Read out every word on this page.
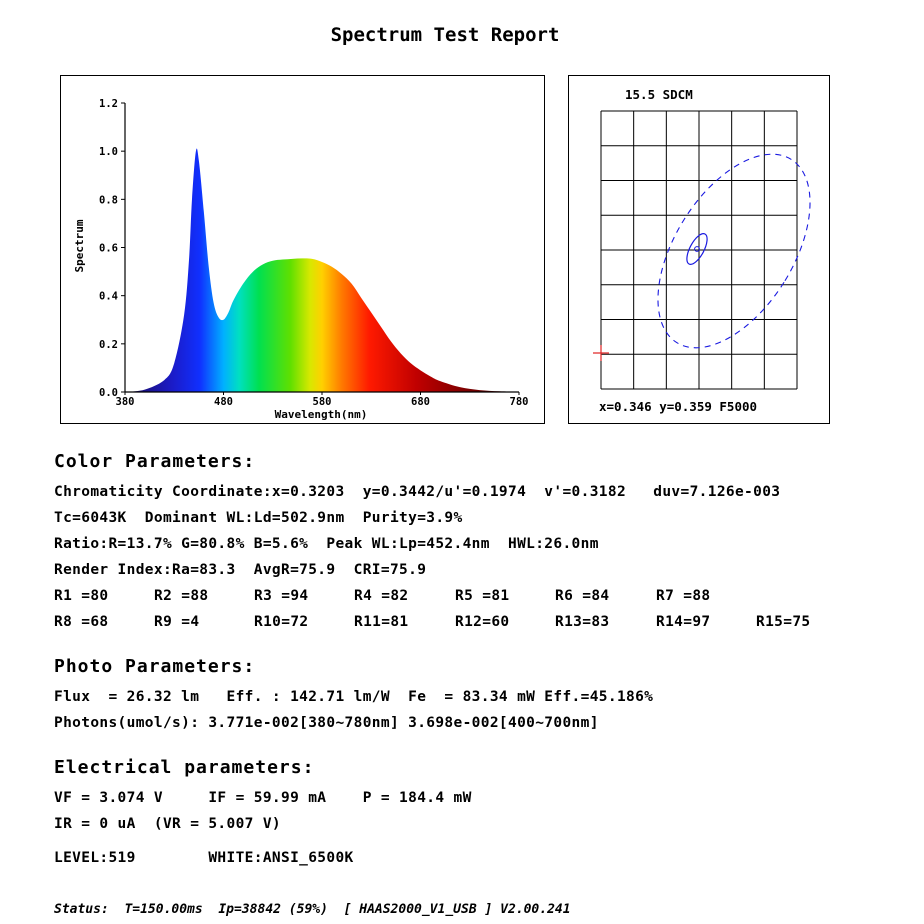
Spectrum Test Report
0.0
0.2
0.4
0.6
0.8
1.0
1.2
380	480	580	680	780
Wavelength(nm)
Spectrum
15.5 SDCM
x=0.346 y=0.359 F5000
Color Parameters:
Chromaticity Coordinate:x=0.3203  y=0.3442/u'=0.1974  v'=0.3182   duv=7.126e-003
Tc=6043K  Dominant WL:Ld=502.9nm  Purity=3.9%
Ratio:R=13.7% G=80.8% B=5.6%  Peak WL:Lp=452.4nm  HWL:26.0nm
Render Index:Ra=83.3  AvgR=75.9  CRI=75.9
R1 =80	R2 =88	R3 =94	R4 =82	R5 =81	R6 =84	R7 =88
R8 =68	R9 =4	R10=72	R11=81	R12=60	R13=83	R14=97	R15=75
Photo Parameters:
Flux  = 26.32 lm   Eff. : 142.71 lm/W  Fe  = 83.34 mW Eff.=45.186%
Photons(umol/s): 3.771e-002[380~780nm] 3.698e-002[400~700nm]
Electrical parameters:
VF = 3.074 V     IF = 59.99 mA    P = 184.4 mW
IR = 0 uA  (VR = 5.007 V)
LEVEL:519        WHITE:ANSI_6500K
Status:  T=150.00ms  Ip=38842 (59%)  [ HAAS2000_V1_USB ] V2.00.241
